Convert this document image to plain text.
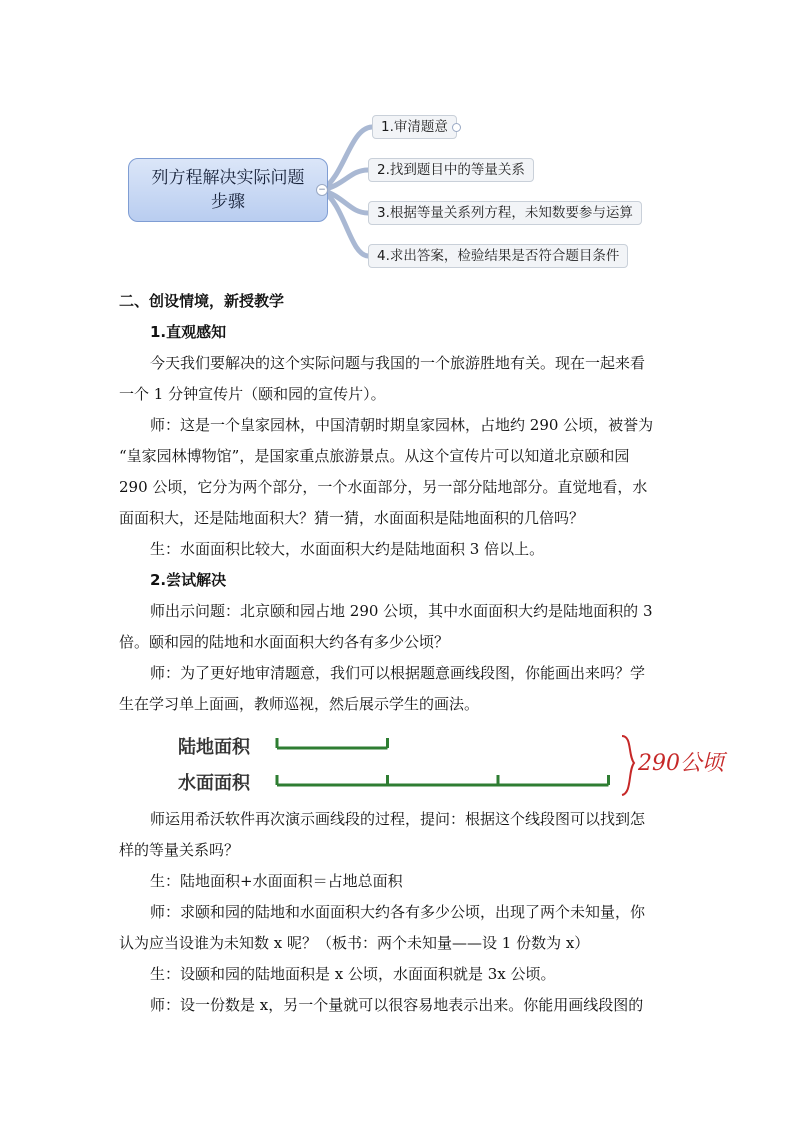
列方程解决实际问题
步骤
−
1.审清题意
2.找到题目中的等量关系
3.根据等量关系列方程，未知数要参与运算
4.求出答案，检验结果是否符合题目条件
二、创设情境，新授教学
1.直观感知
今天我们要解决的这个实际问题与我国的一个旅游胜地有关。现在一起来看
一个 1 分钟宣传片（颐和园的宣传片）。
师：这是一个皇家园林，中国清朝时期皇家园林，占地约 290 公顷，被誉为
“皇家园林博物馆”，是国家重点旅游景点。从这个宣传片可以知道北京颐和园
290 公顷，它分为两个部分，一个水面部分，另一部分陆地部分。直觉地看，水
面面积大，还是陆地面积大？猜一猜，水面面积是陆地面积的几倍吗？
生：水面面积比较大，水面面积大约是陆地面积 3 倍以上。
2.尝试解决
师出示问题：北京颐和园占地 290 公顷，其中水面面积大约是陆地面积的 3
倍。颐和园的陆地和水面面积大约各有多少公顷？
师：为了更好地审清题意，我们可以根据题意画线段图，你能画出来吗？学
生在学习单上面画，教师巡视，然后展示学生的画法。
陆地面积
水面面积
290公顷
师运用希沃软件再次演示画线段的过程，提问：根据这个线段图可以找到怎
样的等量关系吗？
生：陆地面积+水面面积＝占地总面积
师：求颐和园的陆地和水面面积大约各有多少公顷，出现了两个未知量，你
认为应当设谁为未知数 x 呢？（板书：两个未知量——设 1 份数为 x）
生：设颐和园的陆地面积是 x 公顷，水面面积就是 3x 公顷。
师：设一份数是 x，另一个量就可以很容易地表示出来。你能用画线段图的
